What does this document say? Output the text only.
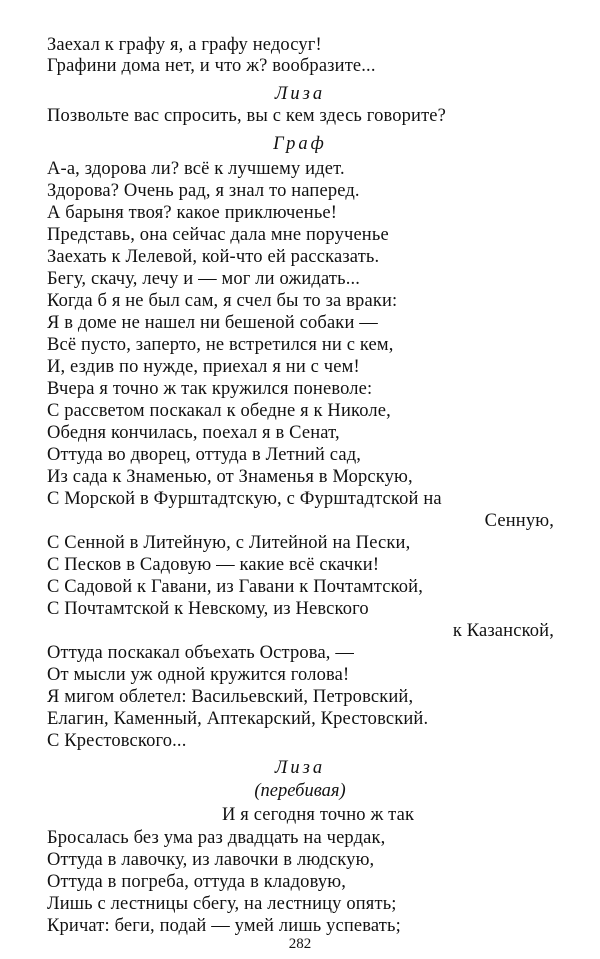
Заехал к графу я, а графу недосуг!
Графини дома нет, и что ж? вообразите...
Лиза
Позвольте вас спросить, вы с кем здесь говорите?
Граф
А-а, здорова ли? всё к лучшему идет.
Здорова? Очень рад, я знал то наперед.
А барыня твоя? какое приключенье!
Представь, она сейчас дала мне порученье
Заехать к Лелевой, кой-что ей рассказать.
Бегу, скачу, лечу и — мог ли ожидать...
Когда б я не был сам, я счел бы то за враки:
Я в доме не нашел ни бешеной собаки —
Всё пусто, заперто, не встретился ни с кем,
И, ездив по нужде, приехал я ни с чем!
Вчера я точно ж так кружился поневоле:
С рассветом поскакал к обедне я к Николе,
Обедня кончилась, поехал я в Сенат,
Оттуда во дворец, оттуда в Летний сад,
Из сада к Знаменью, от Знаменья в Морскую,
С Морской в Фурштадтскую, с Фурштадтской на
Сенную,
С Сенной в Литейную, с Литейной на Пески,
С Песков в Садовую — какие всё скачки!
С Садовой к Гавани, из Гавани к Почтамтской,
С Почтамтской к Невскому, из Невского
к Казанской,
Оттуда поскакал объехать Острова, —
От мысли уж одной кружится голова!
Я мигом облетел: Васильевский, Петровский,
Елагин, Каменный, Аптекарский, Крестовский.
С Крестовского...
Лиза
(перебивая)
И я сегодня точно ж так
Бросалась без ума раз двадцать на чердак,
Оттуда в лавочку, из лавочки в людскую,
Оттуда в погреба, оттуда в кладовую,
Лишь с лестницы сбегу, на лестницу опять;
Кричат: беги, подай — умей лишь успевать;
282
